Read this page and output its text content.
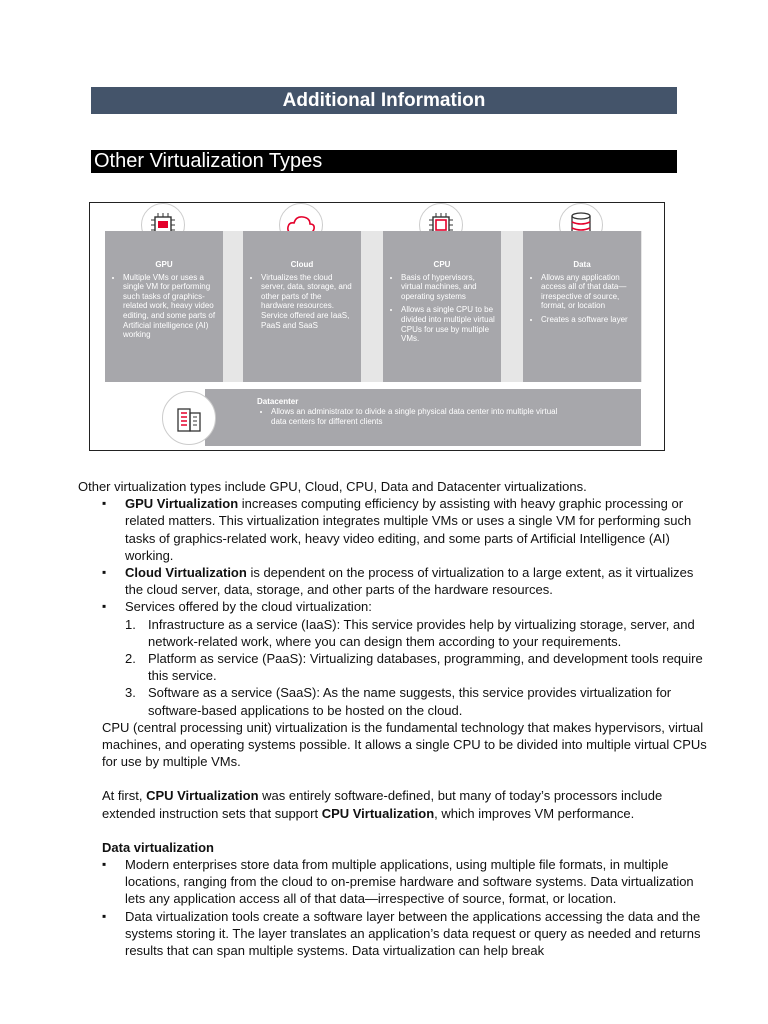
Additional Information
Other Virtualization Types
GPU
• Multiple VMs or uses a single VM for performing such tasks of graphics-related work, heavy video editing, and some parts of Artificial intelligence (AI) working
Cloud
• Virtualizes the cloud server, data, storage, and other parts of the hardware resources. Service offered are IaaS, PaaS and SaaS
CPU
• Basis of hypervisors, virtual machines, and operating systems
• Allows a single CPU to be divided into multiple virtual CPUs for use by multiple VMs.
Data
• Allows any application access all of that data—irrespective of source, format, or location
• Creates a software layer
Datacenter
• Allows an administrator to divide a single physical data center into multiple virtual data centers for different clients

Other virtualization types include GPU, Cloud, CPU, Data and Datacenter virtualizations.

▪ GPU Virtualization increases computing efficiency by assisting with heavy graphic processing or related matters. This virtualization integrates multiple VMs or uses a single VM for performing such tasks of graphics-related work, heavy video editing, and some parts of Artificial Intelligence (AI) working.
▪ Cloud Virtualization is dependent on the process of virtualization to a large extent, as it virtualizes the cloud server, data, storage, and other parts of the hardware resources.
▪ Services offered by the cloud virtualization:
1. Infrastructure as a service (IaaS): This service provides help by virtualizing storage, server, and network-related work, where you can design them according to your requirements.
2. Platform as service (PaaS): Virtualizing databases, programming, and development tools require this service.
3. Software as a service (SaaS): As the name suggests, this service provides virtualization for software-based applications to be hosted on the cloud.

CPU (central processing unit) virtualization is the fundamental technology that makes hypervisors, virtual machines, and operating systems possible. It allows a single CPU to be divided into multiple virtual CPUs for use by multiple VMs.

At first, CPU Virtualization was entirely software-defined, but many of today’s processors include extended instruction sets that support CPU Virtualization, which improves VM performance.

Data virtualization

▪ Modern enterprises store data from multiple applications, using multiple file formats, in multiple locations, ranging from the cloud to on-premise hardware and software systems. Data virtualization lets any application access all of that data—irrespective of source, format, or location.
▪ Data virtualization tools create a software layer between the applications accessing the data and the systems storing it. The layer translates an application’s data request or query as needed and returns results that can span multiple systems. Data virtualization can help break
